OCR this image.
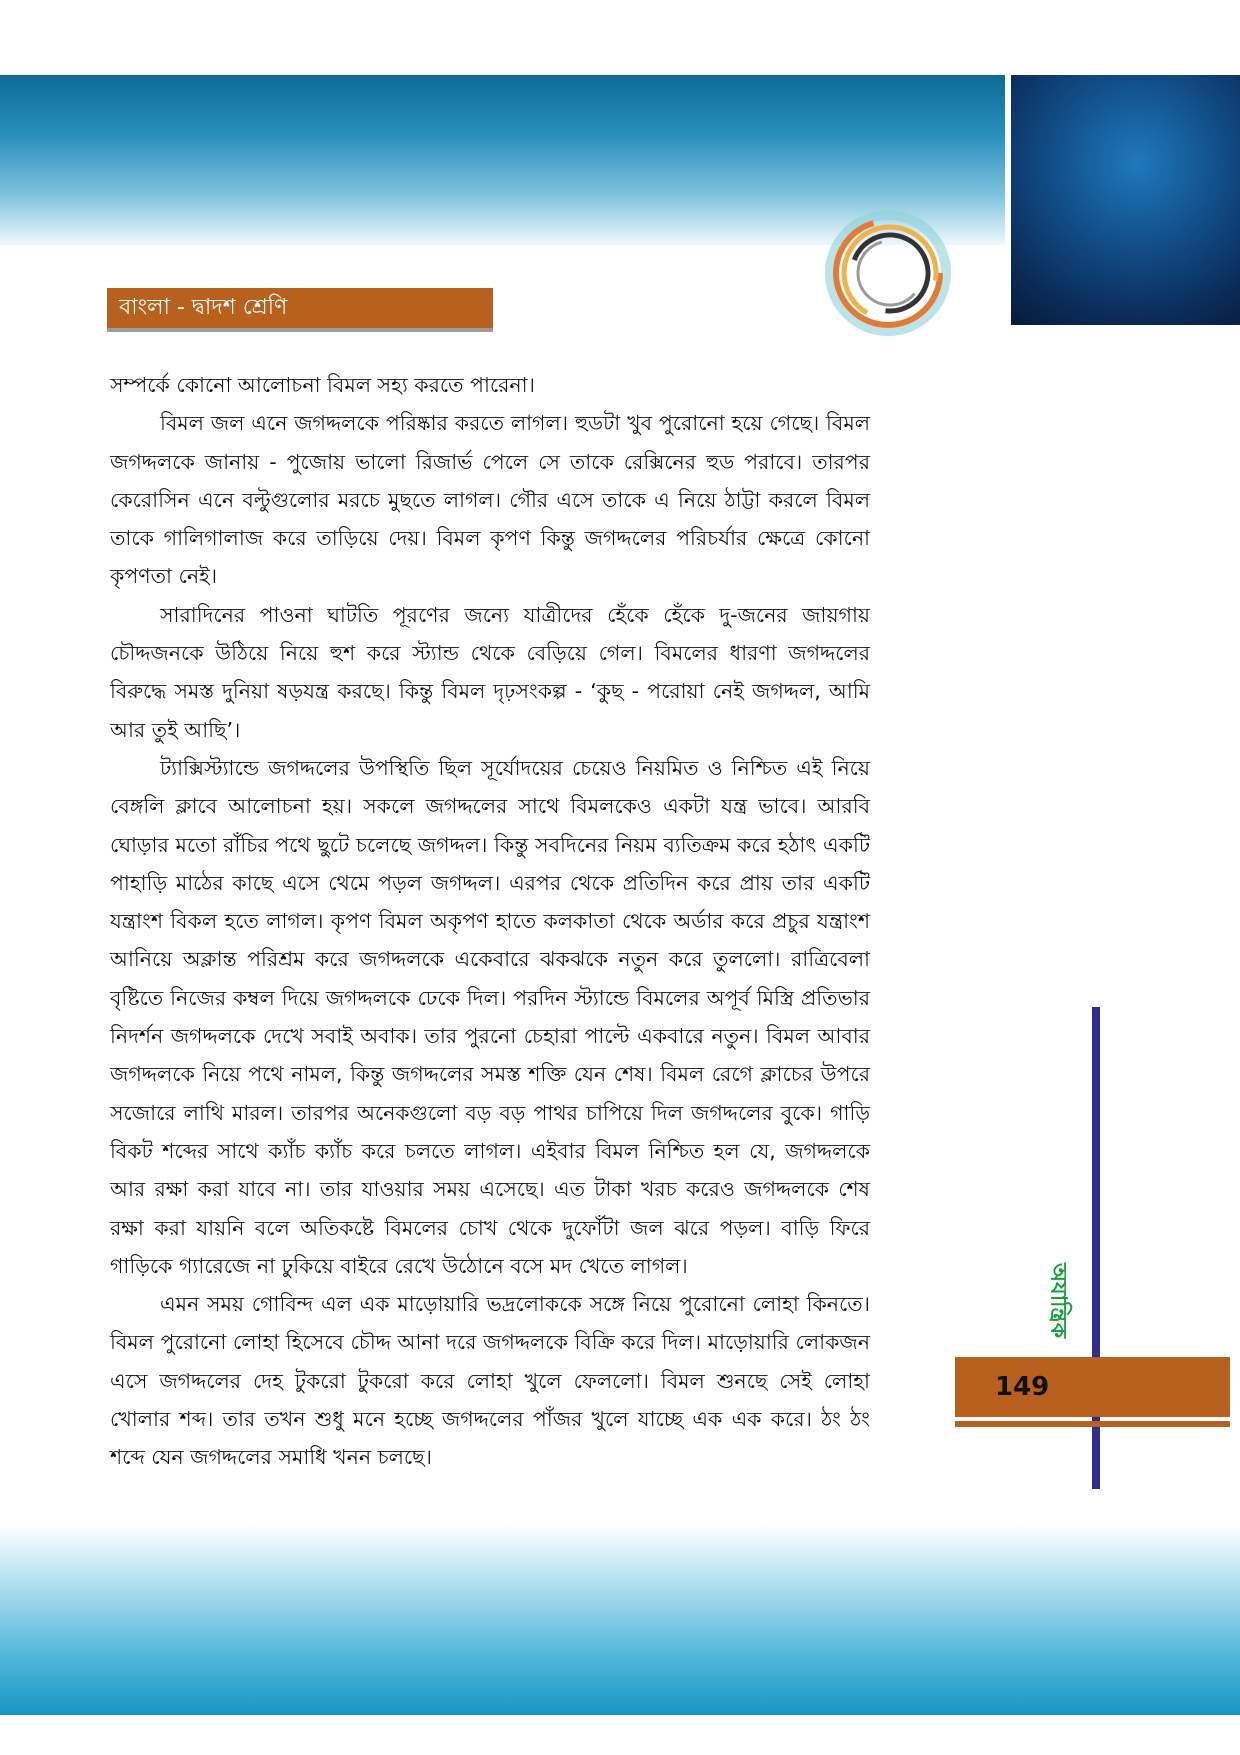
বাংলা - দ্বাদশ শ্রেণি

সম্পর্কে কোনো আলোচনা বিমল সহ্য করতে পারেনা।

বিমল জল এনে জগদ্দলকে পরিষ্কার করতে লাগল। হুডটা খুব পুরোনো হয়ে গেছে। বিমল জগদ্দলকে জানায় - পুজোয় ভালো রিজার্ভ পেলে সে তাকে রেক্সিনের হুড পরাবে। তারপর কেরোসিন এনে বল্টুগুলোর মরচে মুছতে লাগল। গৌর এসে তাকে এ নিয়ে ঠাট্টা করলে বিমল তাকে গালিগালাজ করে তাড়িয়ে দেয়। বিমল কৃপণ কিন্তু জগদ্দলের পরিচর্যার ক্ষেত্রে কোনো কৃপণতা নেই।

সারাদিনের পাওনা ঘাটতি পূরণের জন্যে যাত্রীদের হেঁকে হেঁকে দু-জনের জায়গায় চৌদ্দজনকে উঠিয়ে নিয়ে হুশ করে স্ট্যান্ড থেকে বেড়িয়ে গেল। বিমলের ধারণা জগদ্দলের বিরুদ্ধে সমস্ত দুনিয়া ষড়যন্ত্র করছে। কিন্তু বিমল দৃঢ়সংকল্প - ‘কুছ - পরোয়া নেই জগদ্দল, আমি আর তুই আছি’।

ট্যাক্সিস্ট্যান্ডে জগদ্দলের উপস্থিতি ছিল সূর্যোদয়ের চেয়েও নিয়মিত ও নিশ্চিত এই নিয়ে বেঙ্গলি ক্লাবে আলোচনা হয়। সকলে জগদ্দলের সাথে বিমলকেও একটা যন্ত্র ভাবে। আরবি ঘোড়ার মতো রাঁচির পথে ছুটে চলেছে জগদ্দল। কিন্তু সবদিনের নিয়ম ব্যতিক্রম করে হঠাৎ একটি পাহাড়ি মাঠের কাছে এসে থেমে পড়ল জগদ্দল। এরপর থেকে প্রতিদিন করে প্রায় তার একটি যন্ত্রাংশ বিকল হতে লাগল। কৃপণ বিমল অকৃপণ হাতে কলকাতা থেকে অর্ডার করে প্রচুর যন্ত্রাংশ আনিয়ে অক্লান্ত পরিশ্রম করে জগদ্দলকে একেবারে ঝকঝকে নতুন করে তুললো। রাত্রিবেলা বৃষ্টিতে নিজের কম্বল দিয়ে জগদ্দলকে ঢেকে দিল। পরদিন স্ট্যান্ডে বিমলের অপূর্ব মিস্ত্রি প্রতিভার নিদর্শন জগদ্দলকে দেখে সবাই অবাক। তার পুরনো চেহারা পাল্টে একবারে নতুন। বিমল আবার জগদ্দলকে নিয়ে পথে নামল, কিন্তু জগদ্দলের সমস্ত শক্তি যেন শেষ। বিমল রেগে ক্লাচের উপরে সজোরে লাথি মারল। তারপর অনেকগুলো বড় বড় পাথর চাপিয়ে দিল জগদ্দলের বুকে। গাড়ি বিকট শব্দের সাথে ক্যাঁচ ক্যাঁচ করে চলতে লাগল। এইবার বিমল নিশ্চিত হল যে, জগদ্দলকে আর রক্ষা করা যাবে না। তার যাওয়ার সময় এসেছে। এত টাকা খরচ করেও জগদ্দলকে শেষ রক্ষা করা যায়নি বলে অতিকষ্টে বিমলের চোখ থেকে দুফোঁটা জল ঝরে পড়ল। বাড়ি ফিরে গাড়িকে গ্যারেজে না ঢুকিয়ে বাইরে রেখে উঠোনে বসে মদ খেতে লাগল।

এমন সময় গোবিন্দ এল এক মাড়োয়ারি ভদ্রলোককে সঙ্গে নিয়ে পুরোনো লোহা কিনতে। বিমল পুরোনো লোহা হিসেবে চৌদ্দ আনা দরে জগদ্দলকে বিক্রি করে দিল। মাড়োয়ারি লোকজন এসে জগদ্দলের দেহ টুকরো টুকরো করে লোহা খুলে ফেললো। বিমল শুনছে সেই লোহা খোলার শব্দ। তার তখন শুধু মনে হচ্ছে জগদ্দলের পাঁজর খুলে যাচ্ছে এক এক করে। ঠং ঠং শব্দে যেন জগদ্দলের সমাধি খনন চলছে।

অযান্ত্রিক
149
